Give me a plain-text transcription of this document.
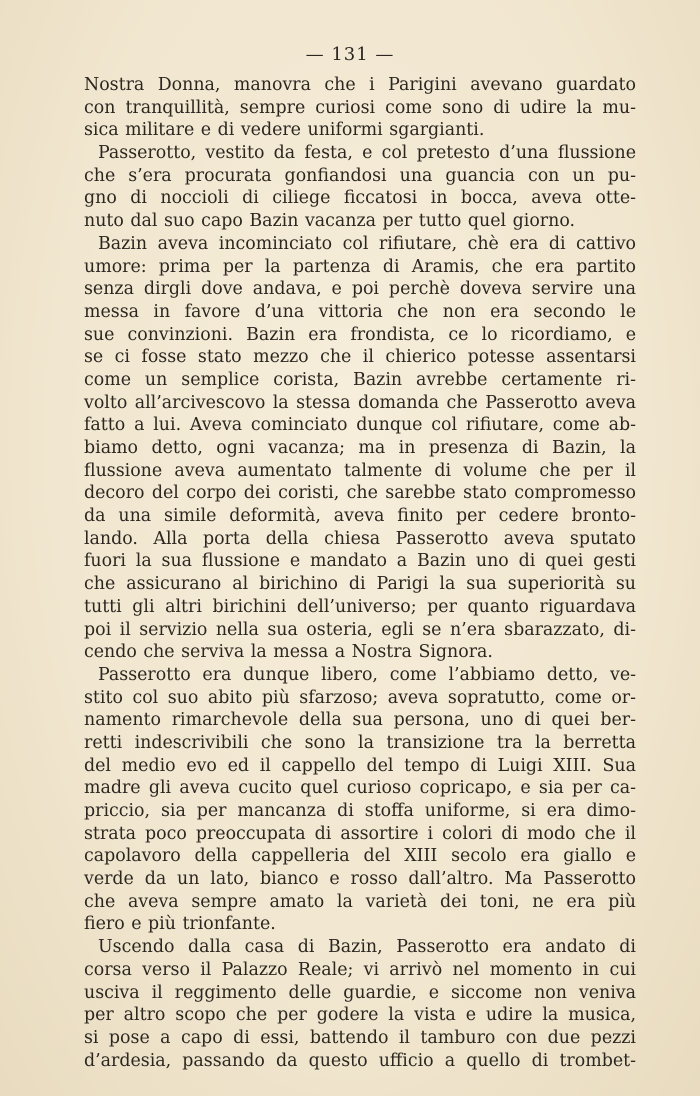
— 131 —
Nostra Donna, manovra che i Parigini avevano guardato
con tranquillità, sempre curiosi come sono di udire la mu-
sica militare e di vedere uniformi sgargianti.
Passerotto, vestito da festa, e col pretesto d’una flussione
che s’era procurata gonfiandosi una guancia con un pu-
gno di noccioli di ciliege ficcatosi in bocca, aveva otte-
nuto dal suo capo Bazin vacanza per tutto quel giorno.
Bazin aveva incominciato col rifiutare, chè era di cattivo
umore: prima per la partenza di Aramis, che era partito
senza dirgli dove andava, e poi perchè doveva servire una
messa in favore d’una vittoria che non era secondo le
sue convinzioni. Bazin era frondista, ce lo ricordiamo, e
se ci fosse stato mezzo che il chierico potesse assentarsi
come un semplice corista, Bazin avrebbe certamente ri-
volto all’arcivescovo la stessa domanda che Passerotto aveva
fatto a lui. Aveva cominciato dunque col rifiutare, come ab-
biamo detto, ogni vacanza; ma in presenza di Bazin, la
flussione aveva aumentato talmente di volume che per il
decoro del corpo dei coristi, che sarebbe stato compromesso
da una simile deformità, aveva finito per cedere bronto-
lando. Alla porta della chiesa Passerotto aveva sputato
fuori la sua flussione e mandato a Bazin uno di quei gesti
che assicurano al birichino di Parigi la sua superiorità su
tutti gli altri birichini dell’universo; per quanto riguardava
poi il servizio nella sua osteria, egli se n’era sbarazzato, di-
cendo che serviva la messa a Nostra Signora.
Passerotto era dunque libero, come l’abbiamo detto, ve-
stito col suo abito più sfarzoso; aveva sopratutto, come or-
namento rimarchevole della sua persona, uno di quei ber-
retti indescrivibili che sono la transizione tra la berretta
del medio evo ed il cappello del tempo di Luigi XIII. Sua
madre gli aveva cucito quel curioso copricapo, e sia per ca-
priccio, sia per mancanza di stoffa uniforme, si era dimo-
strata poco preoccupata di assortire i colori di modo che il
capolavoro della cappelleria del XIII secolo era giallo e
verde da un lato, bianco e rosso dall’altro. Ma Passerotto
che aveva sempre amato la varietà dei toni, ne era più
fiero e più trionfante.
Uscendo dalla casa di Bazin, Passerotto era andato di
corsa verso il Palazzo Reale; vi arrivò nel momento in cui
usciva il reggimento delle guardie, e siccome non veniva
per altro scopo che per godere la vista e udire la musica,
si pose a capo di essi, battendo il tamburo con due pezzi
d’ardesia, passando da questo ufficio a quello di trombet-
